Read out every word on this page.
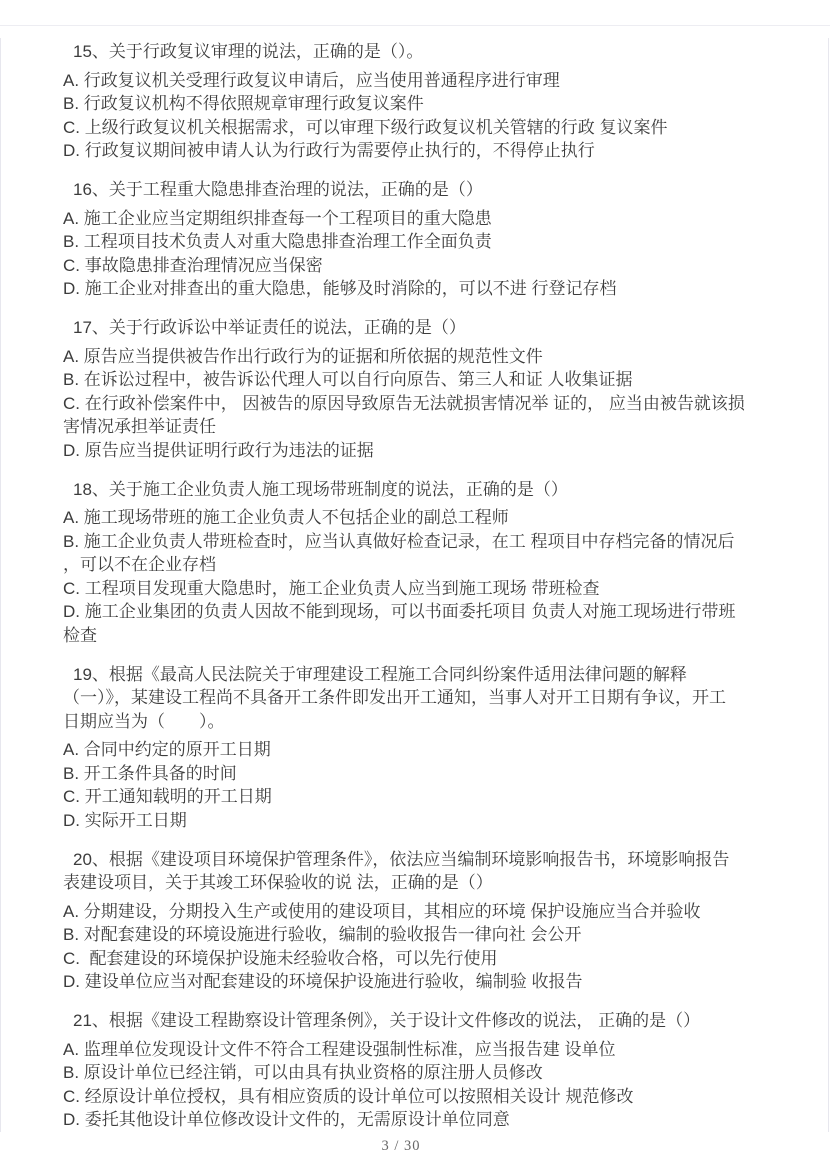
15、关于行政复议审理的说法，正确的是（）。
A. 行政复议机关受理行政复议申请后，应当使用普通程序进行审理
B. 行政复议机构不得依照规章审理行政复议案件
C. 上级行政复议机关根据需求，可以审理下级行政复议机关管辖的行政 复议案件
D. 行政复议期间被申请人认为行政行为需要停止执行的，不得停止执行
16、关于工程重大隐患排查治理的说法，正确的是（）
A. 施工企业应当定期组织排查每一个工程项目的重大隐患
B. 工程项目技术负责人对重大隐患排查治理工作全面负责
C. 事故隐患排查治理情况应当保密
D. 施工企业对排查出的重大隐患，能够及时消除的，可以不进 行登记存档
17、关于行政诉讼中举证责任的说法，正确的是（）
A. 原告应当提供被告作出行政行为的证据和所依据的规范性文件
B. 在诉讼过程中，被告诉讼代理人可以自行向原告、第三人和证 人收集证据
C. 在行政补偿案件中， 因被告的原因导致原告无法就损害情况举 证的， 应当由被告就该损
害情况承担举证责任
D. 原告应当提供证明行政行为违法的证据
18、关于施工企业负责人施工现场带班制度的说法，正确的是（）
A. 施工现场带班的施工企业负责人不包括企业的副总工程师
B. 施工企业负责人带班检查时，应当认真做好检查记录，在工 程项目中存档完备的情况后
，可以不在企业存档
C. 工程项目发现重大隐患时，施工企业负责人应当到施工现场 带班检查
D. 施工企业集团的负责人因故不能到现场，可以书面委托项目 负责人对施工现场进行带班
检查
19、根据《最高人民法院关于审理建设工程施工合同纠纷案件适用法律问题的解释
（一）》，某建设工程尚不具备开工条件即发出开工通知，当事人对开工日期有争议，开工
日期应当为（　　）。
A. 合同中约定的原开工日期
B. 开工条件具备的时间
C. 开工通知载明的开工日期
D. 实际开工日期
20、根据《建设项目环境保护管理条件》，依法应当编制环境影响报告书，环境影响报告
表建设项目，关于其竣工环保验收的说 法，正确的是（）
A. 分期建设，分期投入生产或使用的建设项目，其相应的环境 保护设施应当合并验收
B. 对配套建设的环境设施进行验收，编制的验收报告一律向社 会公开
C.  配套建设的环境保护设施未经验收合格，可以先行使用
D. 建设单位应当对配套建设的环境保护设施进行验收，编制验 收报告
21、根据《建设工程勘察设计管理条例》，关于设计文件修改的说法， 正确的是（）
A. 监理单位发现设计文件不符合工程建设强制性标准，应当报告建 设单位
B. 原设计单位已经注销，可以由具有执业资格的原注册人员修改
C. 经原设计单位授权，具有相应资质的设计单位可以按照相关设计 规范修改
D. 委托其他设计单位修改设计文件的，无需原设计单位同意
3 / 30
